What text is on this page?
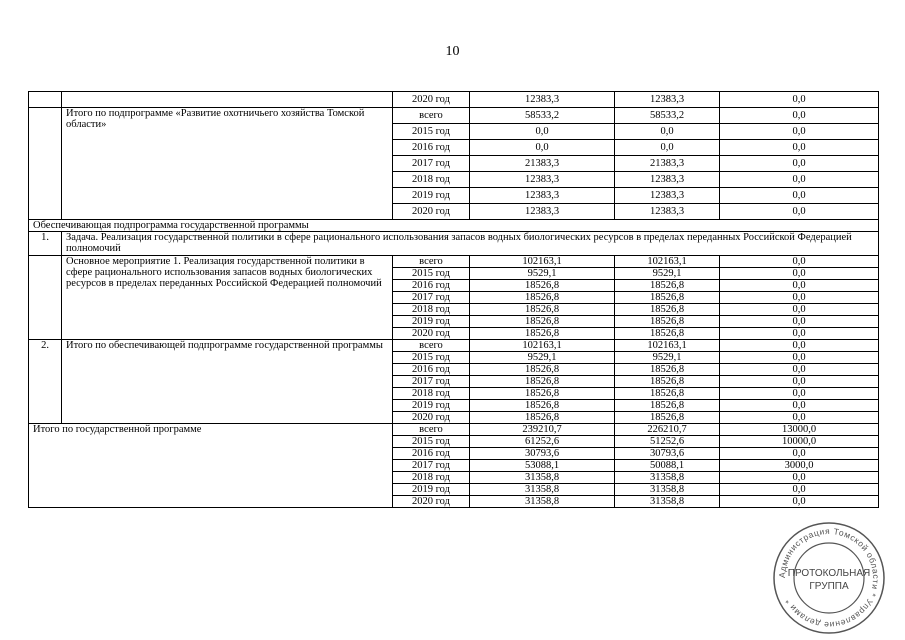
10
		2020 год	12383,3	12383,3	0,0
	Итого по подпрограмме «Развитие охотничьего хозяйства Томской области»	всего	58533,2	58533,2	0,0
		2015 год	0,0	0,0	0,0
		2016 год	0,0	0,0	0,0
		2017 год	21383,3	21383,3	0,0
		2018 год	12383,3	12383,3	0,0
		2019 год	12383,3	12383,3	0,0
		2020 год	12383,3	12383,3	0,0
Обеспечивающая подпрограмма государственной программы					
1.	Задача. Реализация государственной политики в сфере рационального использования запасов водных биологических ресурсов в пределах переданных Российской Федерацией полномочий				
	Основное мероприятие 1. Реализация государственной политики в сфере рационального использования запасов водных биологических ресурсов в пределах переданных Российской Федерацией полномочий	всего	102163,1	102163,1	0,0
		2015 год	9529,1	9529,1	0,0
		2016 год	18526,8	18526,8	0,0
		2017 год	18526,8	18526,8	0,0
		2018 год	18526,8	18526,8	0,0
		2019 год	18526,8	18526,8	0,0
		2020 год	18526,8	18526,8	0,0
2.	Итого по обеспечивающей подпрограмме государственной программы	всего	102163,1	102163,1	0,0
		2015 год	9529,1	9529,1	0,0
		2016 год	18526,8	18526,8	0,0
		2017 год	18526,8	18526,8	0,0
		2018 год	18526,8	18526,8	0,0
		2019 год	18526,8	18526,8	0,0
		2020 год	18526,8	18526,8	0,0
Итого по государственной программе		всего	239210,7	226210,7	13000,0
		2015 год	61252,6	51252,6	10000,0
		2016 год	30793,6	30793,6	0,0
		2017 год	53088,1	50088,1	3000,0
		2018 год	31358,8	31358,8	0,0
		2019 год	31358,8	31358,8	0,0
		2020 год	31358,8	31358,8	0,0
Администрация Томской области * Управление делами *
ПРОТОКОЛЬНАЯ
ГРУППА
